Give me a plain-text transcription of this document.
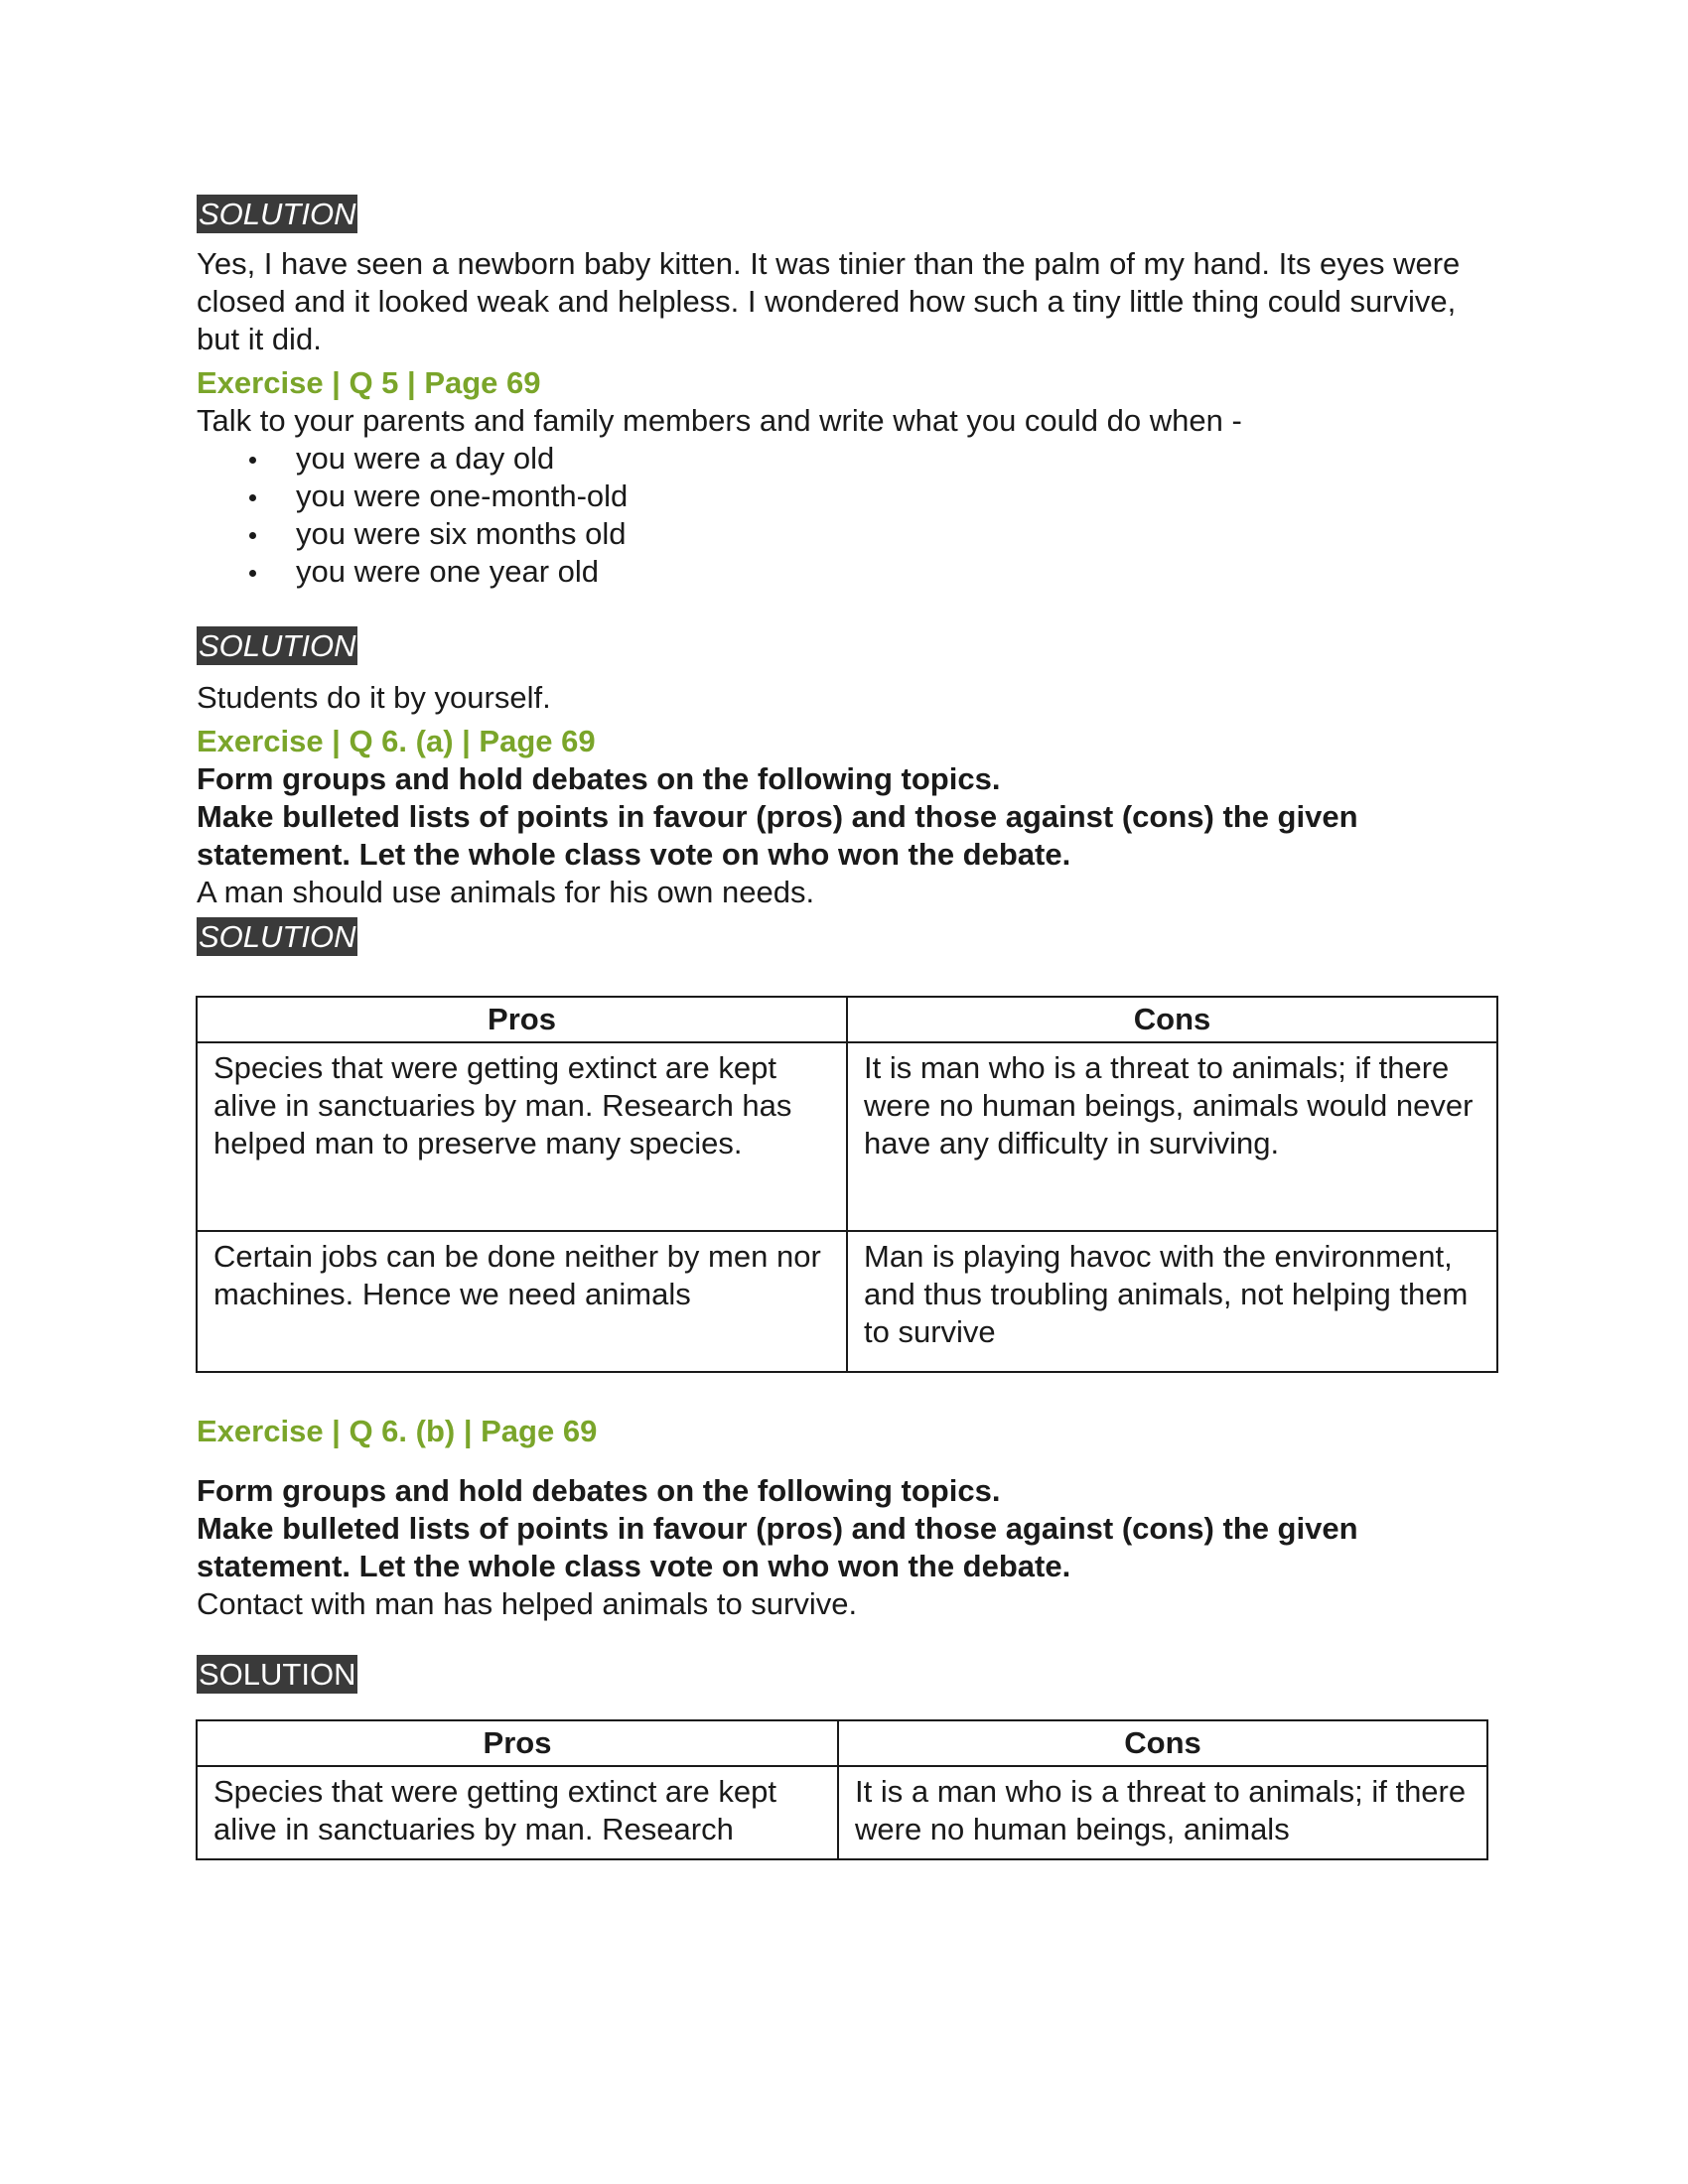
SOLUTION

Yes, I have seen a newborn baby kitten. It was tinier than the palm of my hand. Its eyes were closed and it looked weak and helpless. I wondered how such a tiny little thing could survive, but it did.

Exercise | Q 5 | Page 69

Talk to your parents and family members and write what you could do when -

you were a day old
you were one-month-old
you were six months old
you were one year old
SOLUTION

Students do it by yourself.

Exercise | Q 6. (a) | Page 69

Form groups and hold debates on the following topics.

Make bulleted lists of points in favour (pros) and those against (cons) the given statement. Let the whole class vote on who won the debate.

A man should use animals for his own needs.

SOLUTION
Pros	Cons
Species that were getting extinct are kept alive in sanctuaries by man. Research has helped man to preserve many species.	It is man who is a threat to animals; if there were no human beings, animals would never have any difficulty in surviving.
Certain jobs can be done neither by men nor machines. Hence we need animals	Man is playing havoc with the environment, and thus troubling animals, not helping them to survive

Exercise | Q 6. (b) | Page 69

Form groups and hold debates on the following topics.

Make bulleted lists of points in favour (pros) and those against (cons) the given statement. Let the whole class vote on who won the debate.

Contact with man has helped animals to survive.

SOLUTION
Pros	Cons
Species that were getting extinct are kept alive in sanctuaries by man. Research	It is a man who is a threat to animals; if there were no human beings, animals
